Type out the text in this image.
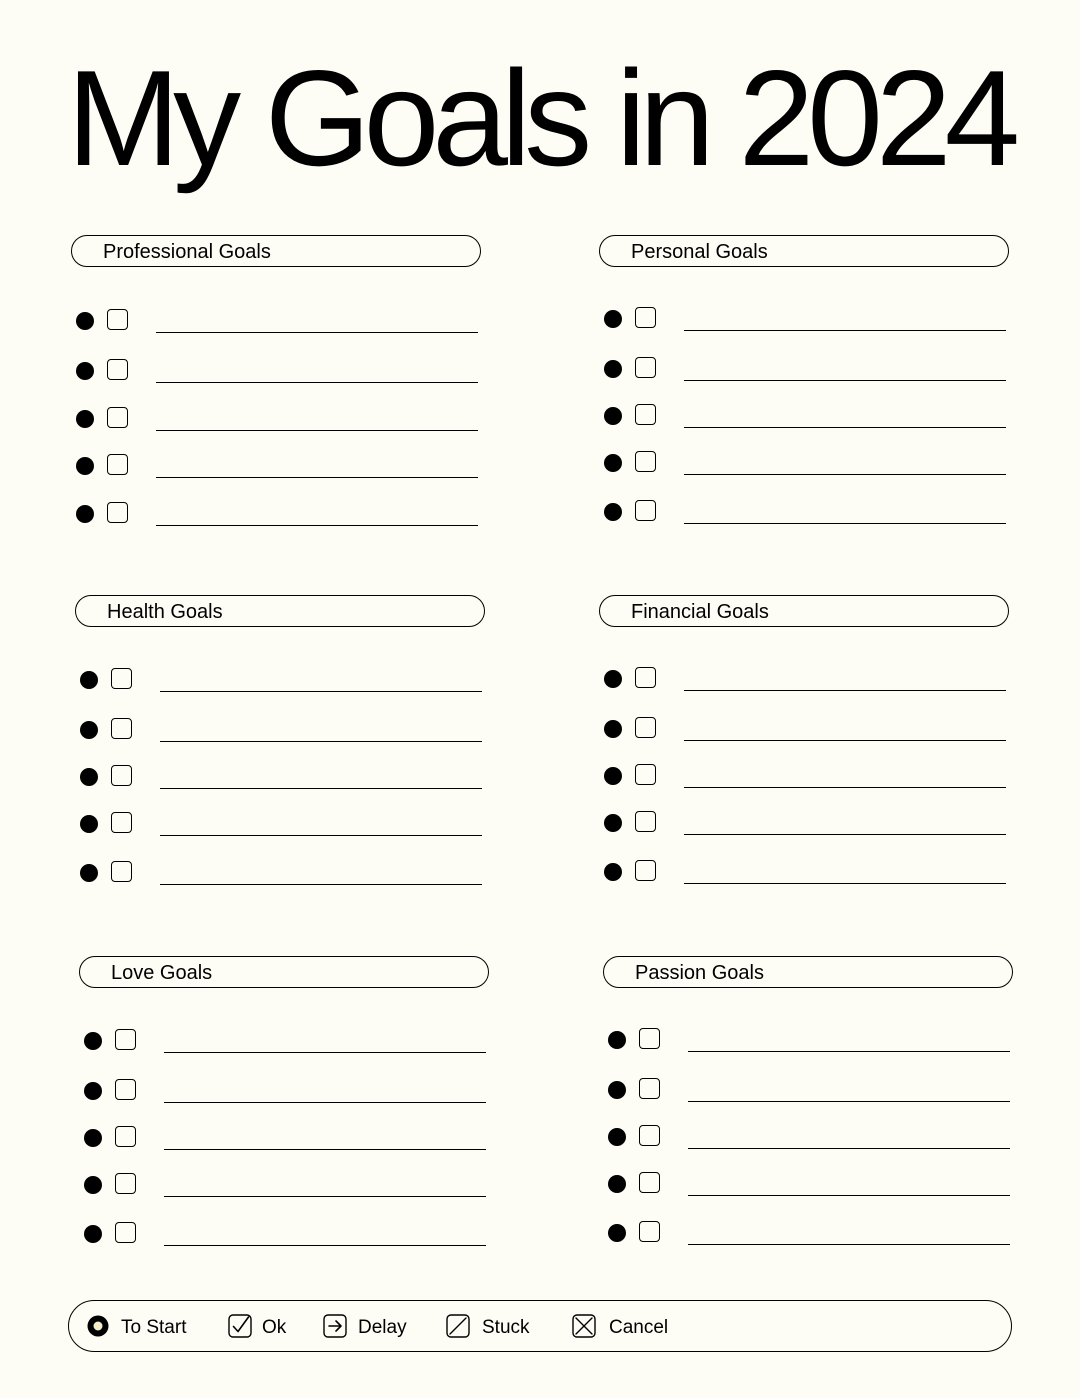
My Goals in 2024
Professional Goals	Personal Goals
Health Goals	Financial Goals
Love Goals	Passion Goals
To Start	Ok	Delay	Stuck	Cancel
